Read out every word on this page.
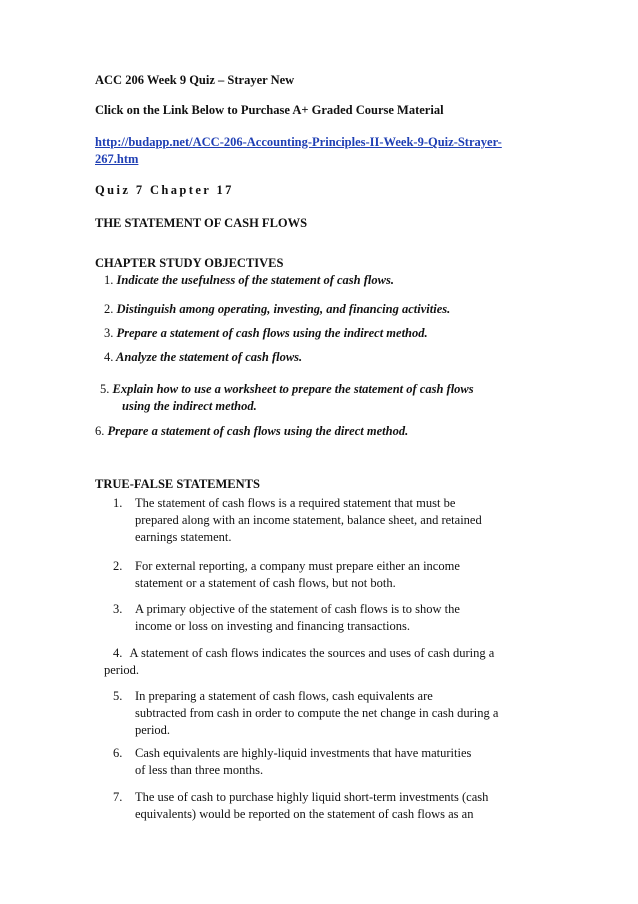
ACC 206 Week 9 Quiz – Strayer New
Click on the Link Below to Purchase A+ Graded Course Material
http://budapp.net/ACC-206-Accounting-Principles-II-Week-9-Quiz-Strayer-
267.htm
Quiz 7 Chapter 17
THE STATEMENT OF CASH FLOWS
CHAPTER STUDY OBJECTIVES
1. Indicate the usefulness of the statement of cash flows.
2. Distinguish among operating, investing, and financing activities.
3. Prepare a statement of cash flows using the indirect method.
4. Analyze the statement of cash flows.
5. Explain how to use a worksheet to prepare the statement of cash flows
using the indirect method.
6. Prepare a statement of cash flows using the direct method.
TRUE-FALSE STATEMENTS
1. The statement of cash flows is a required statement that must be
prepared along with an income statement, balance sheet, and retained
earnings statement.
2. For external reporting, a company must prepare either an income
statement or a statement of cash flows, but not both.
3. A primary objective of the statement of cash flows is to show the
income or loss on investing and financing transactions.
4. A statement of cash flows indicates the sources and uses of cash during a
period.
5. In preparing a statement of cash flows, cash equivalents are
subtracted from cash in order to compute the net change in cash during a
period.
6. Cash equivalents are highly-liquid investments that have maturities
of less than three months.
7. The use of cash to purchase highly liquid short-term investments (cash
equivalents) would be reported on the statement of cash flows as an
